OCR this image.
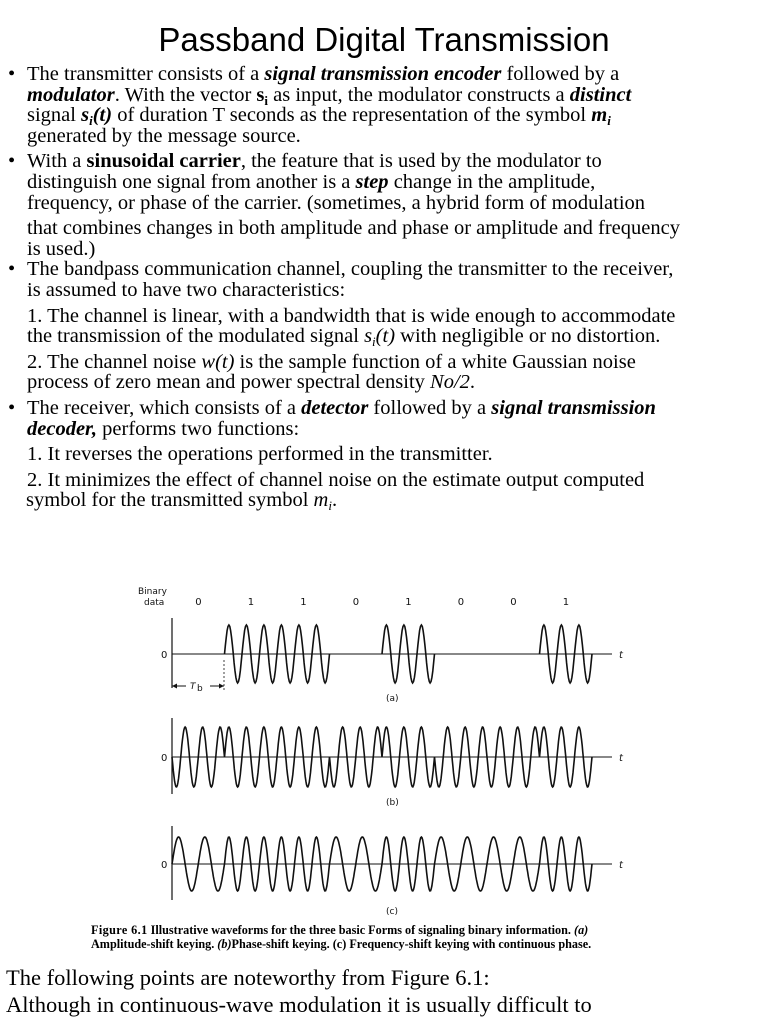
Passband Digital Transmission
• The transmitter consists of a signal transmission encoder followed by a
modulator. With the vector $s_i$ as input, the modulator constructs a distinct
signal $s_i(t)$ of duration T seconds as the representation of the symbol $m_i$
generated by the message source.
• With a sinusoidal carrier, the feature that is used by the modulator to
distinguish one signal from another is a step change in the amplitude,
frequency, or phase of the carrier. (sometimes, a hybrid form of modulation
that combines changes in both amplitude and phase or amplitude and frequency
is used.)
• The bandpass communication channel, coupling the transmitter to the receiver,
is assumed to have two characteristics:
1. The channel is linear, with a bandwidth that is wide enough to accommodate
the transmission of the modulated signal $s_i(t)$ with negligible or no distortion.
2. The channel noise w(t) is the sample function of a white Gaussian noise
process of zero mean and power spectral density No/2.
• The receiver, which consists of a detector followed by a signal transmission
decoder, performs two functions:
1. It reverses the operations performed in the transmitter.
2. It minimizes the effect of channel noise on the estimate output computed
symbol for the transmitted symbol $m_i$.
Binary
data	0	1	1	0	1	0	0	1
0	t
T b
(a)
0	t
(b)
0	t
(c)
Figure 6.1 Illustrative waveforms for the three basic Forms of signaling binary information. (a)
Amplitude-shift keying. (b)Phase-shift keying. (c) Frequency-shift keying with continuous phase.
The following points are noteworthy from Figure 6.1:
Although in continuous-wave modulation it is usually difficult to
